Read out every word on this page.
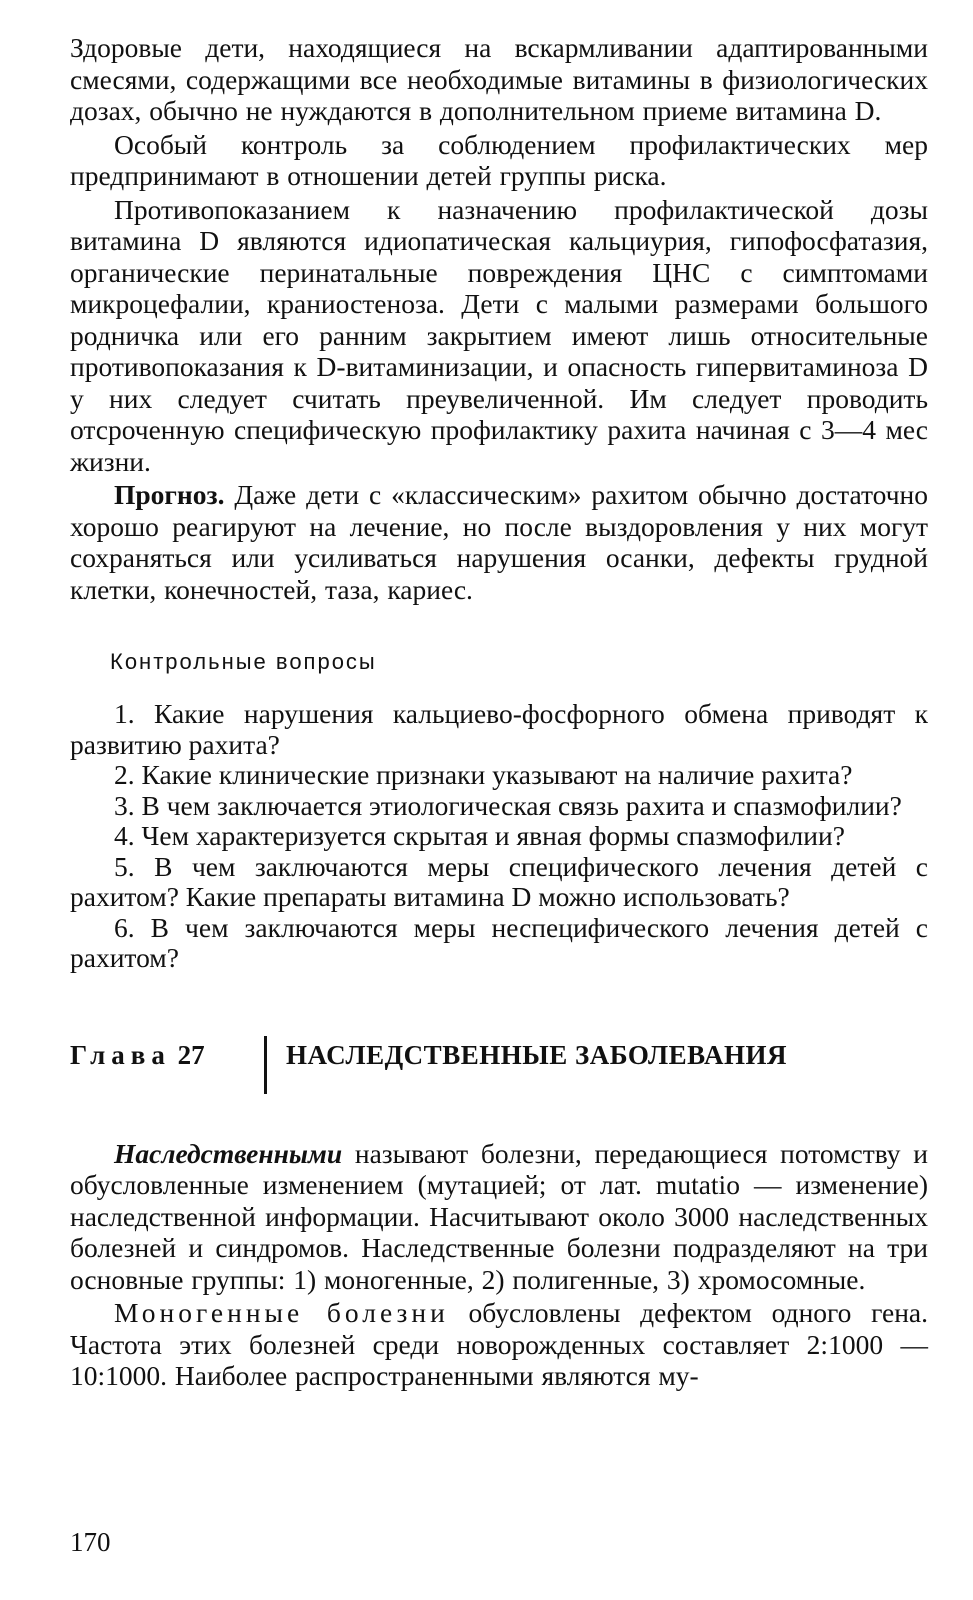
Здоровые дети, находящиеся на вскармливании адаптированными смесями, содержащими все необходимые витамины в физиологических дозах, обычно не нуждаются в дополнительном приеме витамина D.

Особый контроль за соблюдением профилактических мер предпринимают в отношении детей группы риска.

Противопоказанием к назначению профилактической дозы витамина D являются идиопатическая кальциурия, гипофосфатазия, органические перинатальные повреждения ЦНС с симптомами микроцефалии, краниостеноза. Дети с малыми размерами большого родничка или его ранним закрытием имеют лишь относительные противопоказания к D-витаминизации, и опасность гипервитаминоза D у них следует считать преувеличенной. Им следует проводить отсроченную специфическую профилактику рахита начиная с 3—4 мес жизни.

Прогноз. Даже дети с «классическим» рахитом обычно достаточно хорошо реагируют на лечение, но после выздоровления у них могут сохраняться или усиливаться нарушения осанки, дефекты грудной клетки, конечностей, таза, кариес.

Контрольные вопросы

1. Какие нарушения кальциево-фосфорного обмена приводят к развитию рахита?

2. Какие клинические признаки указывают на наличие рахита?

3. В чем заключается этиологическая связь рахита и спазмофилии?

4. Чем характеризуется скрытая и явная формы спазмофилии?

5. В чем заключаются меры специфического лечения детей с рахитом? Какие препараты витамина D можно использовать?

6. В чем заключаются меры неспецифического лечения детей с рахитом?

Глава 27	НАСЛЕДСТВЕННЫЕ ЗАБОЛЕВАНИЯ

Наследственными называют болезни, передающиеся потомству и обусловленные изменением (мутацией; от лат. mutatio — изменение) наследственной информации. Насчитывают около 3000 наследственных болезней и синдромов. Наследственные болезни подразделяют на три основные группы: 1) моногенные, 2) полигенные, 3) хромосомные.

Моногенные болезни обусловлены дефектом одного гена. Частота этих болезней среди новорожденных составляет 2:1000 — 10:1000. Наиболее распространенными являются му-

170
